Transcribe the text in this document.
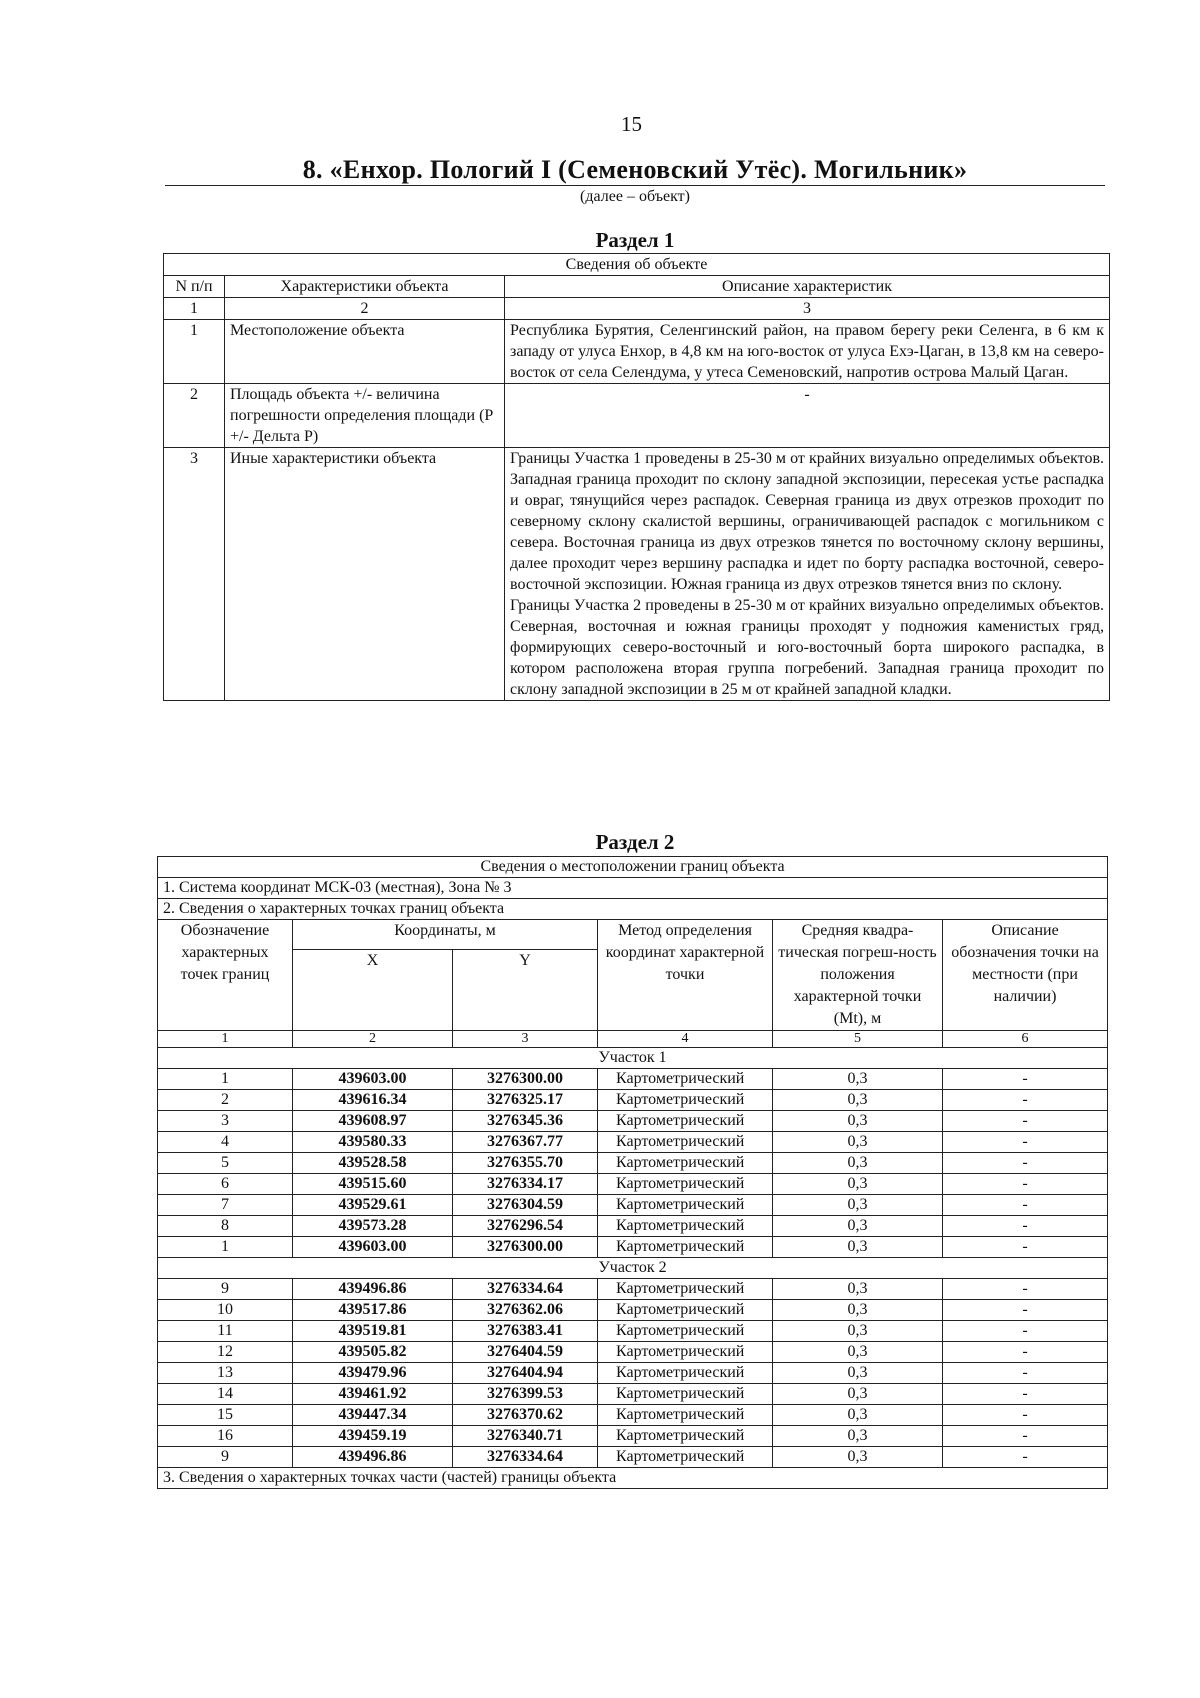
15
8. «Енхор. Пологий I (Семеновский Утёс). Могильник»
(далее – объект)
Раздел 1
Сведения об объекте		
N п/п	Характеристики объекта	Описание характеристик
1	2	3
1	Местоположение объекта	Республика Бурятия, Селенгинский район, на правом берегу реки Селенга, в 6 км к западу от улуса Енхор, в 4,8 км на юго-восток от улуса Ехэ-Цаган, в 13,8 км на северо-восток от села Селендума, у утеса Семеновский, напротив острова Малый Цаган.
2	Площадь объекта +/- величина погрешности определения площади (Р +/- Дельта Р)	-
3	Иные характеристики объекта	Границы Участка 1 проведены в 25-30 м от крайних визуально определимых объектов. Западная граница проходит по склону западной экспозиции, пересекая устье распадка и овраг, тянущийся через распадок. Северная граница из двух отрезков проходит по северному склону скалистой вершины, ограничивающей распадок с могильником с севера. Восточная граница из двух отрезков тянется по восточному склону вершины, далее проходит через вершину распадка и идет по борту распадка восточной, северо-восточной экспозиции. Южная граница из двух отрезков тянется вниз по склону.
Границы Участка 2 проведены в 25-30 м от крайних визуально определимых объектов. Северная, восточная и южная границы проходят у подножия каменистых гряд, формирующих северо-восточный и юго-восточный борта широкого распадка, в котором расположена вторая группа погребений. Западная граница проходит по склону западной экспозиции в 25 м от крайней западной кладки.
Раздел 2
Сведения о местоположении границ объекта					
1. Система координат МСК-03 (местная), Зона № 3					
2. Сведения о характерных точках границ объекта					
Обозначение характерных точек границ	Координаты, м		Метод определения координат характерной точки	Средняя квадра-тическая погреш-ность положения характерной точки (Mt), м	Описание обозначения точки на местности (при наличии)
	X	Y			
1	2	3	4	5	6
Участок 1					
1	439603.00	3276300.00	Картометрический	0,3	-
2	439616.34	3276325.17	Картометрический	0,3	-
3	439608.97	3276345.36	Картометрический	0,3	-
4	439580.33	3276367.77	Картометрический	0,3	-
5	439528.58	3276355.70	Картометрический	0,3	-
6	439515.60	3276334.17	Картометрический	0,3	-
7	439529.61	3276304.59	Картометрический	0,3	-
8	439573.28	3276296.54	Картометрический	0,3	-
1	439603.00	3276300.00	Картометрический	0,3	-
Участок 2					
9	439496.86	3276334.64	Картометрический	0,3	-
10	439517.86	3276362.06	Картометрический	0,3	-
11	439519.81	3276383.41	Картометрический	0,3	-
12	439505.82	3276404.59	Картометрический	0,3	-
13	439479.96	3276404.94	Картометрический	0,3	-
14	439461.92	3276399.53	Картометрический	0,3	-
15	439447.34	3276370.62	Картометрический	0,3	-
16	439459.19	3276340.71	Картометрический	0,3	-
9	439496.86	3276334.64	Картометрический	0,3	-
3. Сведения о характерных точках части (частей) границы объекта					
